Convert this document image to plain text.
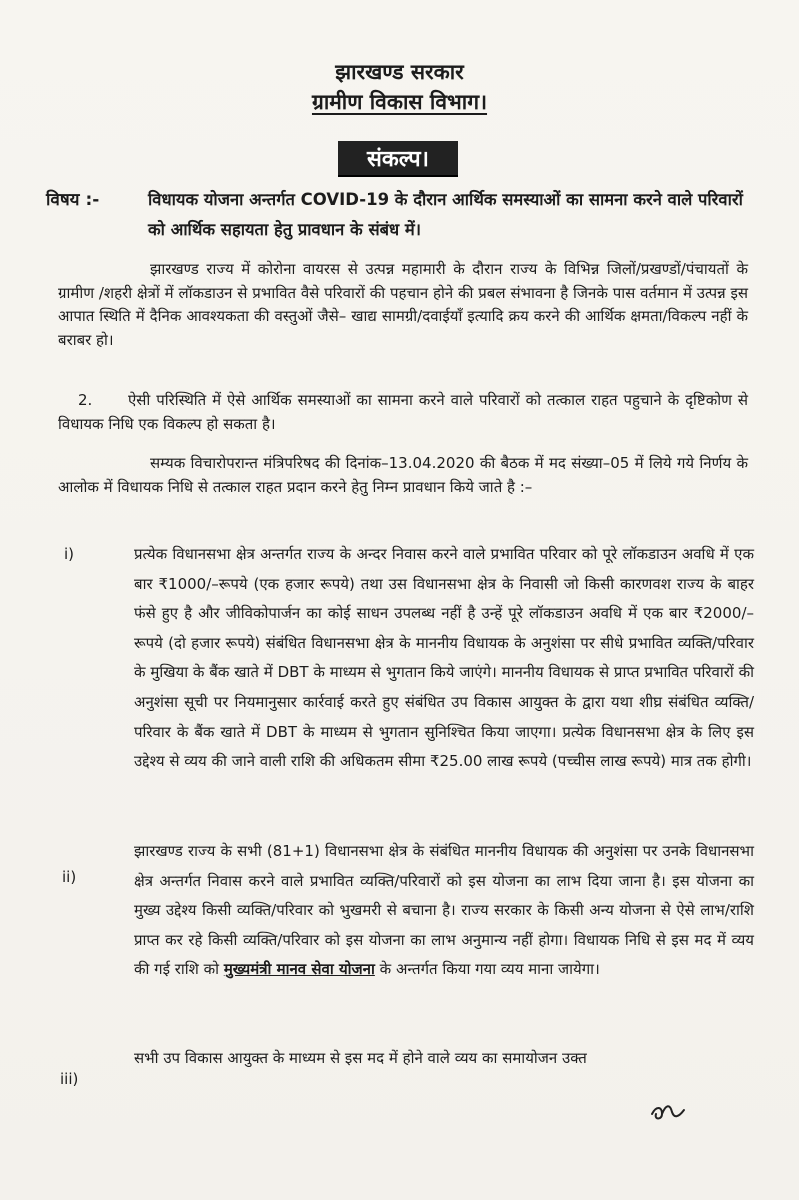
झारखण्ड सरकार
ग्रामीण विकास विभाग।
संकल्प।
विषय :-	विधायक योजना अन्तर्गत COVID-19 के दौरान आर्थिक समस्याओं का सामना करने वाले परिवारों को आर्थिक सहायता हेतु प्रावधान के संबंध में।
झारखण्ड राज्य में कोरोना वायरस से उत्पन्न महामारी के दौरान राज्य के विभिन्न जिलों/प्रखण्डों/पंचायतों के ग्रामीण /शहरी क्षेत्रों में लॉकडाउन से प्रभावित वैसे परिवारों की पहचान होने की प्रबल संभावना है जिनके पास वर्तमान में उत्पन्न इस आपात स्थिति में दैनिक आवश्यकता की वस्तुओं जैसे– खाद्य सामग्री/दवाईयाँ इत्यादि क्रय करने की आर्थिक क्षमता/विकल्प नहीं के बराबर हो।
2. ऐसी परिस्थिति में ऐसे आर्थिक समस्याओं का सामना करने वाले परिवारों को तत्काल राहत पहुचाने के दृष्टिकोण से विधायक निधि एक विकल्प हो सकता है।
सम्यक विचारोपरान्त मंत्रिपरिषद की दिनांक–13.04.2020 की बैठक में मद संख्या–05 में लिये गये निर्णय के आलोक में विधायक निधि से तत्काल राहत प्रदान करने हेतु निम्न प्रावधान किये जाते है :–
i)	प्रत्येक विधानसभा क्षेत्र अन्तर्गत राज्य के अन्दर निवास करने वाले प्रभावित परिवार को पूरे लॉकडाउन अवधि में एक बार ₹1000/–रूपये (एक हजार रूपये) तथा उस विधानसभा क्षेत्र के निवासी जो किसी कारणवश राज्य के बाहर फंसे हुए है और जीविकोपार्जन का कोई साधन उपलब्ध नहीं है उन्हें पूरे लॉकडाउन अवधि में एक बार ₹2000/–रूपये (दो हजार रूपये) संबंधित विधानसभा क्षेत्र के माननीय विधायक के अनुशंसा पर सीधे प्रभावित व्यक्ति/परिवार के मुखिया के बैंक खाते में DBT के माध्यम से भुगतान किये जाएंगे। माननीय विधायक से प्राप्त प्रभावित परिवारों की अनुशंसा सूची पर नियमानुसार कार्रवाई करते हुए संबंधित उप विकास आयुक्त के द्वारा यथा शीघ्र संबंधित व्यक्ति/परिवार के बैंक खाते में DBT के माध्यम से भुगतान सुनिश्चित किया जाएगा। प्रत्येक विधानसभा क्षेत्र के लिए इस उद्देश्य से व्यय की जाने वाली राशि की अधिकतम सीमा ₹25.00 लाख रूपये (पच्चीस लाख रूपये) मात्र तक होगी।
ii)
झारखण्ड राज्य के सभी (81+1) विधानसभा क्षेत्र के संबंधित माननीय विधायक की अनुशंसा पर उनके विधानसभा क्षेत्र अन्तर्गत निवास करने वाले प्रभावित व्यक्ति/परिवारों को इस योजना का लाभ दिया जाना है। इस योजना का मुख्य उद्देश्य किसी व्यक्ति/परिवार को भुखमरी से बचाना है। राज्य सरकार के किसी अन्य योजना से ऐसे लाभ/राशि प्राप्त कर रहे किसी व्यक्ति/परिवार को इस योजना का लाभ अनुमान्य नहीं होगा। विधायक निधि से इस मद में व्यय की गई राशि को मुख्यमंत्री मानव सेवा योजना के अन्तर्गत किया गया व्यय माना जायेगा।
iii)
सभी उप विकास आयुक्त के माध्यम से इस मद में होने वाले व्यय का समायोजन उक्त
